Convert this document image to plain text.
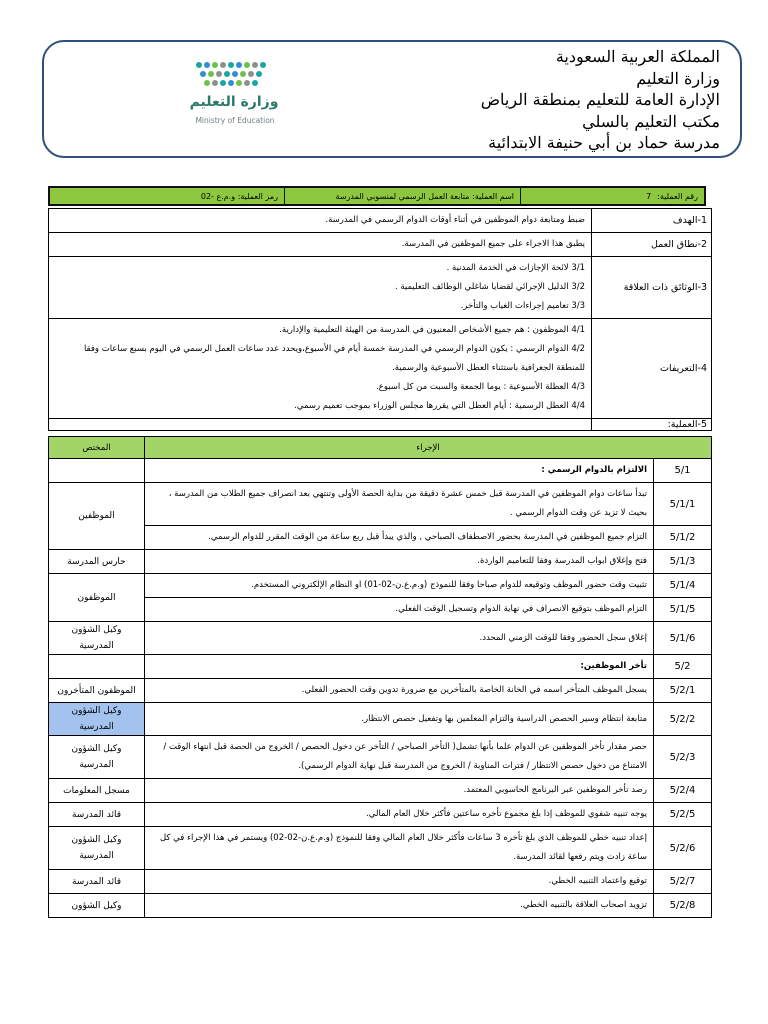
المملكة العربية السعودية
وزارة التعليم
الإدارة العامة للتعليم بمنطقة الرياض
مكتب التعليم بالسلي
مدرسة حماد بن أبي حنيفة الابتدائية
وزارة التعليم
Ministry of Education
رقم العملية:
7
اسم العملية: متابعة العمل الرسمي لمنسوبي المدرسة
رمز العملية: و.م.ع -02
1-الهدف	ضبط ومتابعة دوام الموظفين في أثناء أوقات الدوام الرسمي في المدرسة.

2-نطاق العمل	يطبق هذا الاجراء على جميع الموظفين في المدرسة.

3-الوثائق ذات العلاقة	3/1 لائحة الإجازات في الخدمة المدنية .
3/2 الدليل الإجرائي لقضايا شاغلي الوظائف التعليمية .
3/3 تعاميم إجراءات الغياب والتأخر.

4-التعريفات	4/1 الموظفون : هم جميع الأشخاص المعنيون في المدرسة من الهيئة التعليمية والإدارية.
4/2 الدوام الرسمي : يكون الدوام الرسمي في المدرسة خمسة أيام في الأسبوع،ويحدد عدد ساعات العمل الرسمي في اليوم بسبع ساعات وفقا للمنطقة الجغرافية باستثناء العطل الأسبوعية والرسمية.
4/3 العطلة الأسبوعية : يوما الجمعة والسبت من كل اسبوع.
4/4 العطل الرسمية : أيام العطل التي يقررها مجلس الوزراء بموجب تعميم رسمي.

5-العملية:	
الإجراء		المختص
5/1	الالتزام بالدوام الرسمي :	
5/1/1	تبدأ ساعات دوام الموظفين في المدرسة قبل خمس عشرة دقيقة من بداية الحصة الأولى وتنتهي بعد انصراف جميع الطلاب من المدرسة ، بحيث لا تزيد عن وقت الدوام الرسمي .	الموظفين
5/1/2	التزام جميع الموظفين في المدرسة بحضور الاصطفاف الصباحي , والذي يبدأ قبل ربع ساعة من الوقت المقرر للدوام الرسمي.	
5/1/3	فتح وإغلاق ابواب المدرسة وفقا للتعاميم الواردة.	حارس المدرسة
5/1/4	تثبيت وقت حضور الموظف وتوقيعه للدوام صباحا وفقا للنموذج (و.م.ع.ن-02-01) او النظام الإلكتروني المستخدم.	الموظفون
5/1/5	التزام الموظف بتوقيع الانصراف في نهاية الدوام وتسجيل الوقت الفعلي.	
5/1/6	إغلاق سجل الحضور وفقا للوقت الزمني المحدد.	وكيل الشؤون المدرسية
5/2	تأخر الموظفين:	
5/2/1	يسجل الموظف المتأخر اسمه في الخانة الخاصة بالمتأخرين مع ضرورة تدوين وقت الحضور الفعلي.	الموظفون المتأخرون
5/2/2	متابعة انتظام وسير الحصص الدراسية والتزام المعلمين بها وتفعيل حصص الانتظار.	وكيل الشؤون المدرسية
5/2/3	حصر مقدار تأخر الموظفين عن الدوام علما بأنها تشمل( التأخر الصباحي / التأخر عن دخول الحصص / الخروج من الحصة قبل انتهاء الوقت / الامتناع من دخول حصص الانتظار / فترات المناوبة / الخروج من المدرسة قبل نهاية الدوام الرسمي).	وكيل الشؤون المدرسية
5/2/4	رصد تأخر الموظفين عبر البرنامج الحاسوبي المعتمد.	مسجل المعلومات
5/2/5	يوجه تنبيه شفوي للموظف إذا بلغ مجموع تأخره ساعتين فأكثر خلال العام المالي.	قائد المدرسة
5/2/6	إعداد تنبيه خطي للموظف الذي بلغ تأخره 3 ساعات فأكثر خلال العام المالي وفقا للنموذج (و.م.ع.ن-02-02) ويستمر في هذا الإجراء في كل ساعة زادت ويتم رفعها لقائد المدرسة.	وكيل الشؤون المدرسية
5/2/7	توقيع واعتماد التنبيه الخطي.	قائد المدرسة
5/2/8	تزويد اصحاب العلاقة بالتنبيه الخطي.	وكيل الشؤون
